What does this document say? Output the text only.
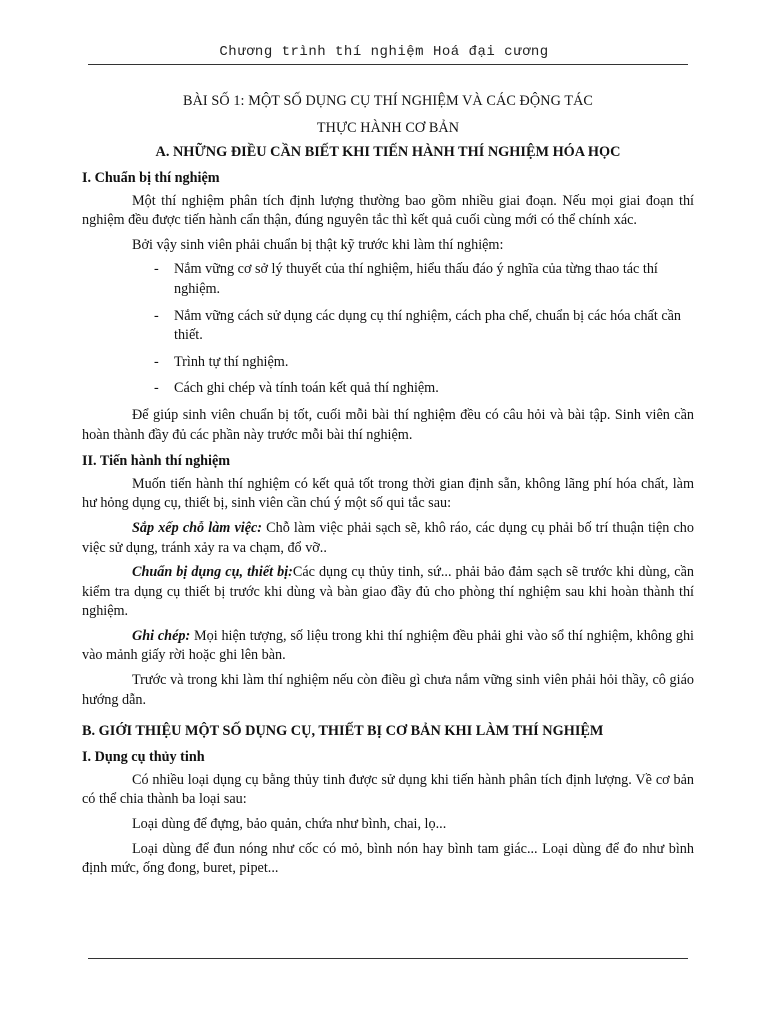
Chương trình thí nghiệm Hoá đại cương
BÀI SỐ 1: MỘT SỐ DỤNG CỤ THÍ NGHIỆM VÀ CÁC ĐỘNG TÁC
THỰC HÀNH CƠ BẢN
A. NHỮNG ĐIỀU CẦN BIẾT KHI TIẾN HÀNH THÍ NGHIỆM HÓA HỌC
I. Chuẩn bị thí nghiệm

Một thí nghiệm phân tích định lượng thường bao gồm nhiều giai đoạn. Nếu mọi giai đoạn thí nghiệm đều được tiến hành cẩn thận, đúng nguyên tắc thì kết quả cuối cùng mới có thể chính xác.

Bởi vậy sinh viên phải chuẩn bị thật kỹ trước khi làm thí nghiệm:

- Nắm vững cơ sở lý thuyết của thí nghiệm, hiểu thấu đáo ý nghĩa của từng thao tác thí nghiệm.
- Nắm vững cách sử dụng các dụng cụ thí nghiệm, cách pha chế, chuẩn bị các hóa chất cần thiết.
- Trình tự thí nghiệm.
- Cách ghi chép và tính toán kết quả thí nghiệm.

Để giúp sinh viên chuẩn bị tốt, cuối mỗi bài thí nghiệm đều có câu hỏi và bài tập. Sinh viên cần hoàn thành đầy đủ các phần này trước mỗi bài thí nghiệm.

II. Tiến hành thí nghiệm

Muốn tiến hành thí nghiệm có kết quả tốt trong thời gian định sẵn, không lãng phí hóa chất, làm hư hỏng dụng cụ, thiết bị, sinh viên cần chú ý một số qui tắc sau:

Sắp xếp chỗ làm việc: Chỗ làm việc phải sạch sẽ, khô ráo, các dụng cụ phải bố trí thuận tiện cho việc sử dụng, tránh xảy ra va chạm, đổ vỡ..

Chuẩn bị dụng cụ, thiết bị:Các dụng cụ thủy tinh, sứ... phải bảo đảm sạch sẽ trước khi dùng, cần kiểm tra dụng cụ thiết bị trước khi dùng và bàn giao đầy đủ cho phòng thí nghiệm sau khi hoàn thành thí nghiệm.

Ghi chép: Mọi hiện tượng, số liệu trong khi thí nghiệm đều phải ghi vào sổ thí nghiệm, không ghi vào mảnh giấy rời hoặc ghi lên bàn.

Trước và trong khi làm thí nghiệm nếu còn điều gì chưa nắm vững sinh viên phải hỏi thầy, cô giáo hướng dẫn.

B. GIỚI THIỆU MỘT SỐ DỤNG CỤ, THIẾT BỊ CƠ BẢN KHI LÀM THÍ NGHIỆM
I. Dụng cụ thủy tinh

Có nhiều loại dụng cụ bằng thủy tinh được sử dụng khi tiến hành phân tích định lượng. Về cơ bản có thể chia thành ba loại sau:

Loại dùng để đựng, bảo quản, chứa như bình, chai, lọ...

Loại dùng để đun nóng như cốc có mỏ, bình nón hay bình tam giác... Loại dùng để đo như bình định mức, ống đong, buret, pipet...
